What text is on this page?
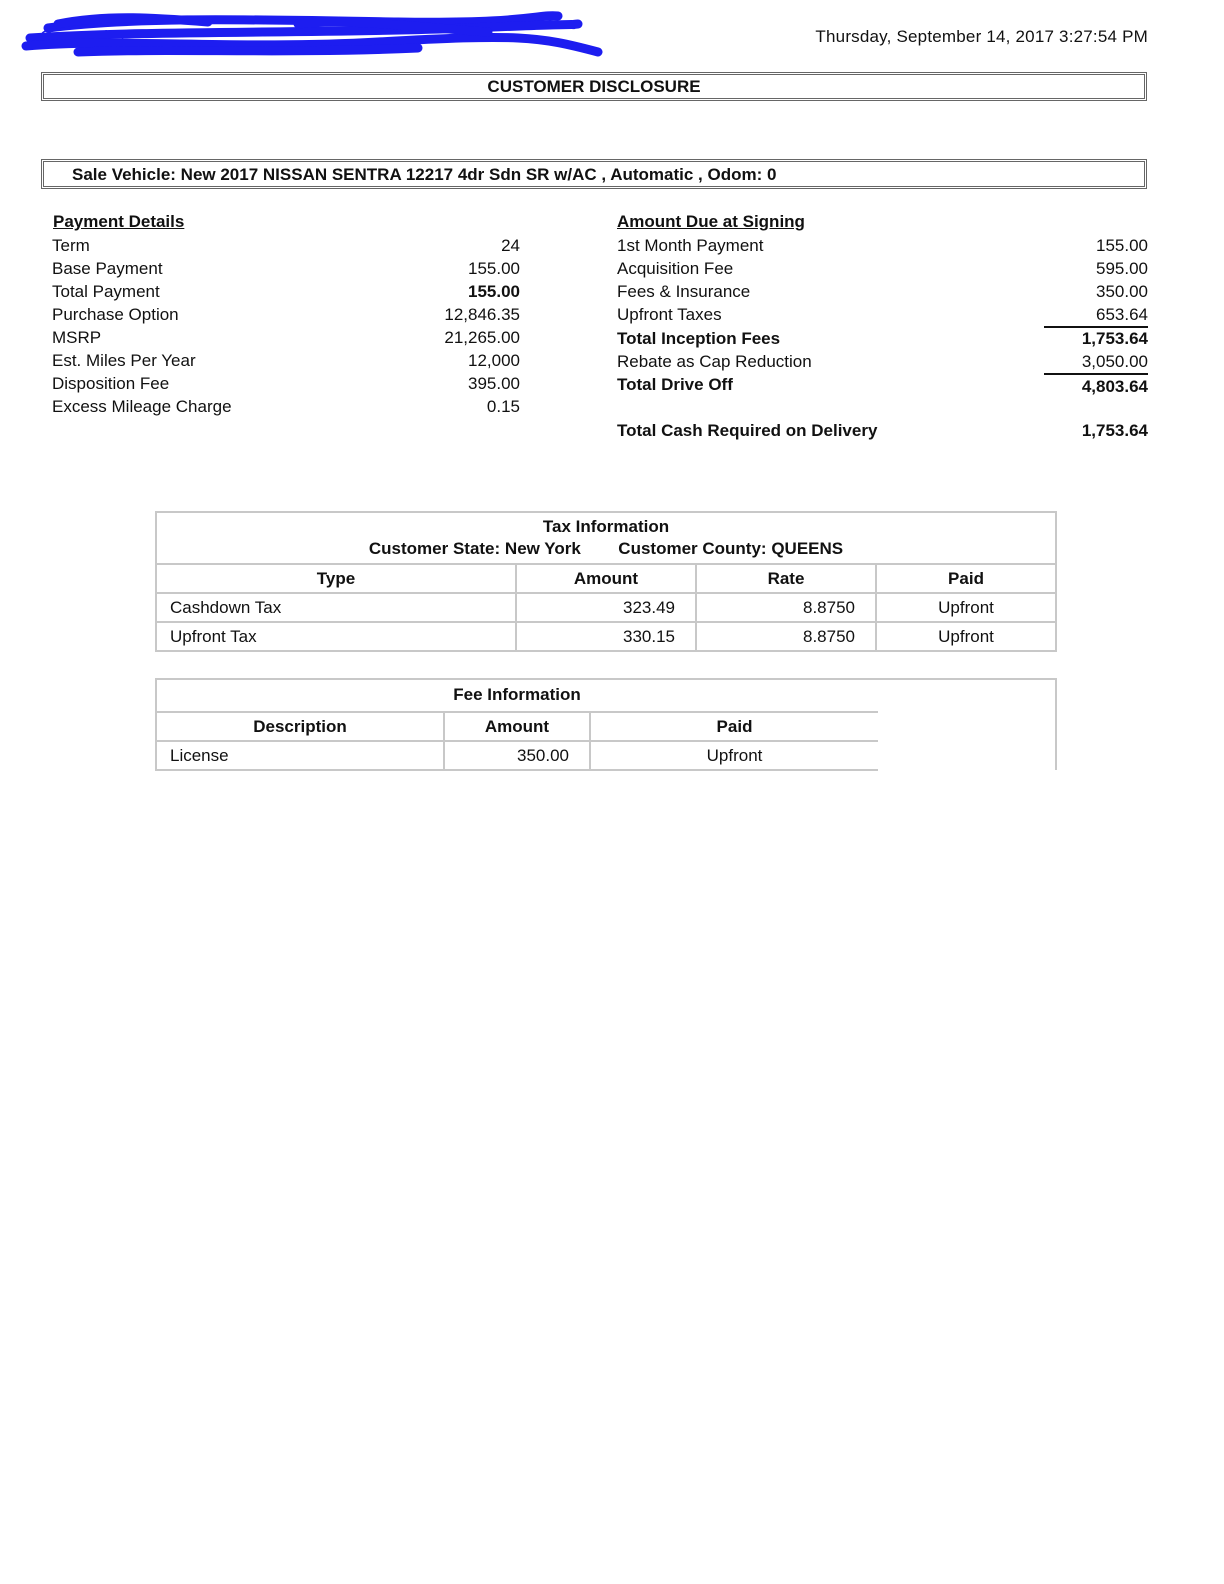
C... ...pple1	Thursday, September 14, 2017 3:27:54 PM
CUSTOMER DISCLOSURE
Sale Vehicle: New 2017 NISSAN SENTRA 12217 4dr Sdn SR w/AC , Automatic , Odom: 0
Payment Details
Term	24
Base Payment	155.00
Total Payment	155.00
Purchase Option	12,846.35
MSRP	21,265.00
Est. Miles Per Year	12,000
Disposition Fee	395.00
Excess Mileage Charge	0.15
Amount Due at Signing
1st Month Payment	155.00
Acquisition Fee	595.00
Fees & Insurance	350.00
Upfront Taxes	653.64
Total Inception Fees	1,753.64
Rebate as Cap Reduction	3,050.00
Total Drive Off	4,803.64
Total Cash Required on Delivery	1,753.64
Tax Information
Customer State: New York Customer County: QUEENS			

Type	Amount	Rate	Paid
Cashdown Tax	323.49	8.8750	Upfront
Upfront Tax	330.15	8.8750	Upfront
Fee Information		
Description	Amount	Paid
License	350.00	Upfront
